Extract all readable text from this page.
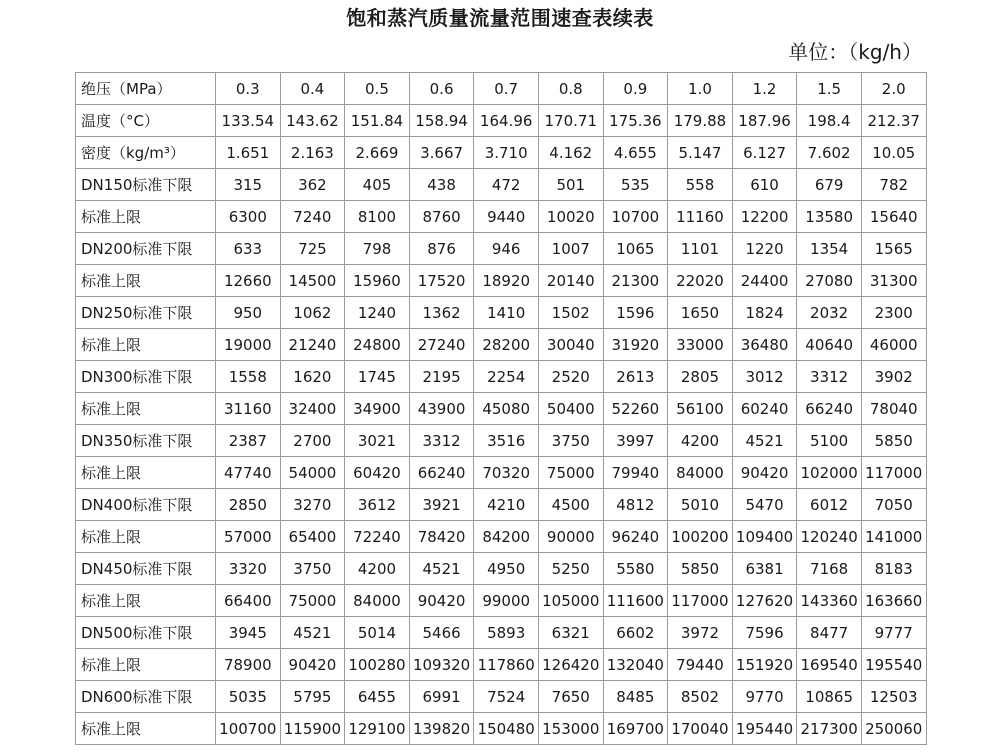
饱和蒸汽质量流量范围速查表续表
单位：（kg/h）
绝压（MPa）	0.3	0.4	0.5	0.6	0.7	0.8	0.9	1.0	1.2	1.5	2.0
温度（°C）	133.54	143.62	151.84	158.94	164.96	170.71	175.36	179.88	187.96	198.4	212.37
密度（kg/m³）	1.651	2.163	2.669	3.667	3.710	4.162	4.655	5.147	6.127	7.602	10.05
DN150标准下限	315	362	405	438	472	501	535	558	610	679	782
标准上限	6300	7240	8100	8760	9440	10020	10700	11160	12200	13580	15640
DN200标准下限	633	725	798	876	946	1007	1065	1101	1220	1354	1565
标准上限	12660	14500	15960	17520	18920	20140	21300	22020	24400	27080	31300
DN250标准下限	950	1062	1240	1362	1410	1502	1596	1650	1824	2032	2300
标准上限	19000	21240	24800	27240	28200	30040	31920	33000	36480	40640	46000
DN300标准下限	1558	1620	1745	2195	2254	2520	2613	2805	3012	3312	3902
标准上限	31160	32400	34900	43900	45080	50400	52260	56100	60240	66240	78040
DN350标准下限	2387	2700	3021	3312	3516	3750	3997	4200	4521	5100	5850
标准上限	47740	54000	60420	66240	70320	75000	79940	84000	90420	102000	117000
DN400标准下限	2850	3270	3612	3921	4210	4500	4812	5010	5470	6012	7050
标准上限	57000	65400	72240	78420	84200	90000	96240	100200	109400	120240	141000
DN450标准下限	3320	3750	4200	4521	4950	5250	5580	5850	6381	7168	8183
标准上限	66400	75000	84000	90420	99000	105000	111600	117000	127620	143360	163660
DN500标准下限	3945	4521	5014	5466	5893	6321	6602	3972	7596	8477	9777
标准上限	78900	90420	100280	109320	117860	126420	132040	79440	151920	169540	195540
DN600标准下限	5035	5795	6455	6991	7524	7650	8485	8502	9770	10865	12503
标准上限	100700	115900	129100	139820	150480	153000	169700	170040	195440	217300	250060
